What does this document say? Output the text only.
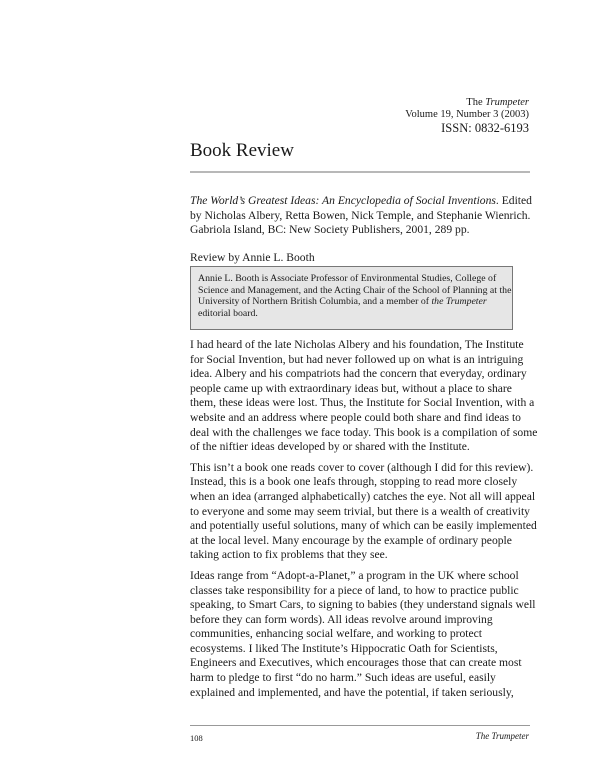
The Trumpeter
Volume 19, Number 3 (2003)
ISSN: 0832-6193
Book Review
The World’s Greatest Ideas: An Encyclopedia of Social Inventions. Edited by Nicholas Albery, Retta Bowen, Nick Temple, and Stephanie Wienrich. Gabriola Island, BC: New Society Publishers, 2001, 289 pp.
Review by Annie L. Booth
Annie L. Booth is Associate Professor of Environmental Studies, College of Science and Management, and the Acting Chair of the School of Planning at the University of Northern British Columbia, and a member of the Trumpeter editorial board.

I had heard of the late Nicholas Albery and his foundation, The Institute for Social Invention, but had never followed up on what is an intriguing idea. Albery and his compatriots had the concern that everyday, ordinary people came up with extraordinary ideas but, without a place to share them, these ideas were lost. Thus, the Institute for Social Invention, with a website and an address where people could both share and find ideas to deal with the challenges we face today. This book is a compilation of some of the niftier ideas developed by or shared with the Institute.

This isn’t a book one reads cover to cover (although I did for this review). Instead, this is a book one leafs through, stopping to read more closely when an idea (arranged alphabetically) catches the eye. Not all will appeal to everyone and some may seem trivial, but there is a wealth of creativity and potentially useful solutions, many of which can be easily implemented at the local level. Many encourage by the example of ordinary people taking action to fix problems that they see.

Ideas range from “Adopt-a-Planet,” a program in the UK where school classes take responsibility for a piece of land, to how to practice public speaking, to Smart Cars, to signing to babies (they understand signals well before they can form words). All ideas revolve around improving communities, enhancing social welfare, and working to protect ecosystems. I liked The Institute’s Hippocratic Oath for Scientists, Engineers and Executives, which encourages those that can create most harm to pledge to first “do no harm.” Such ideas are useful, easily explained and implemented, and have the potential, if taken seriously,

108	The Trumpeter
